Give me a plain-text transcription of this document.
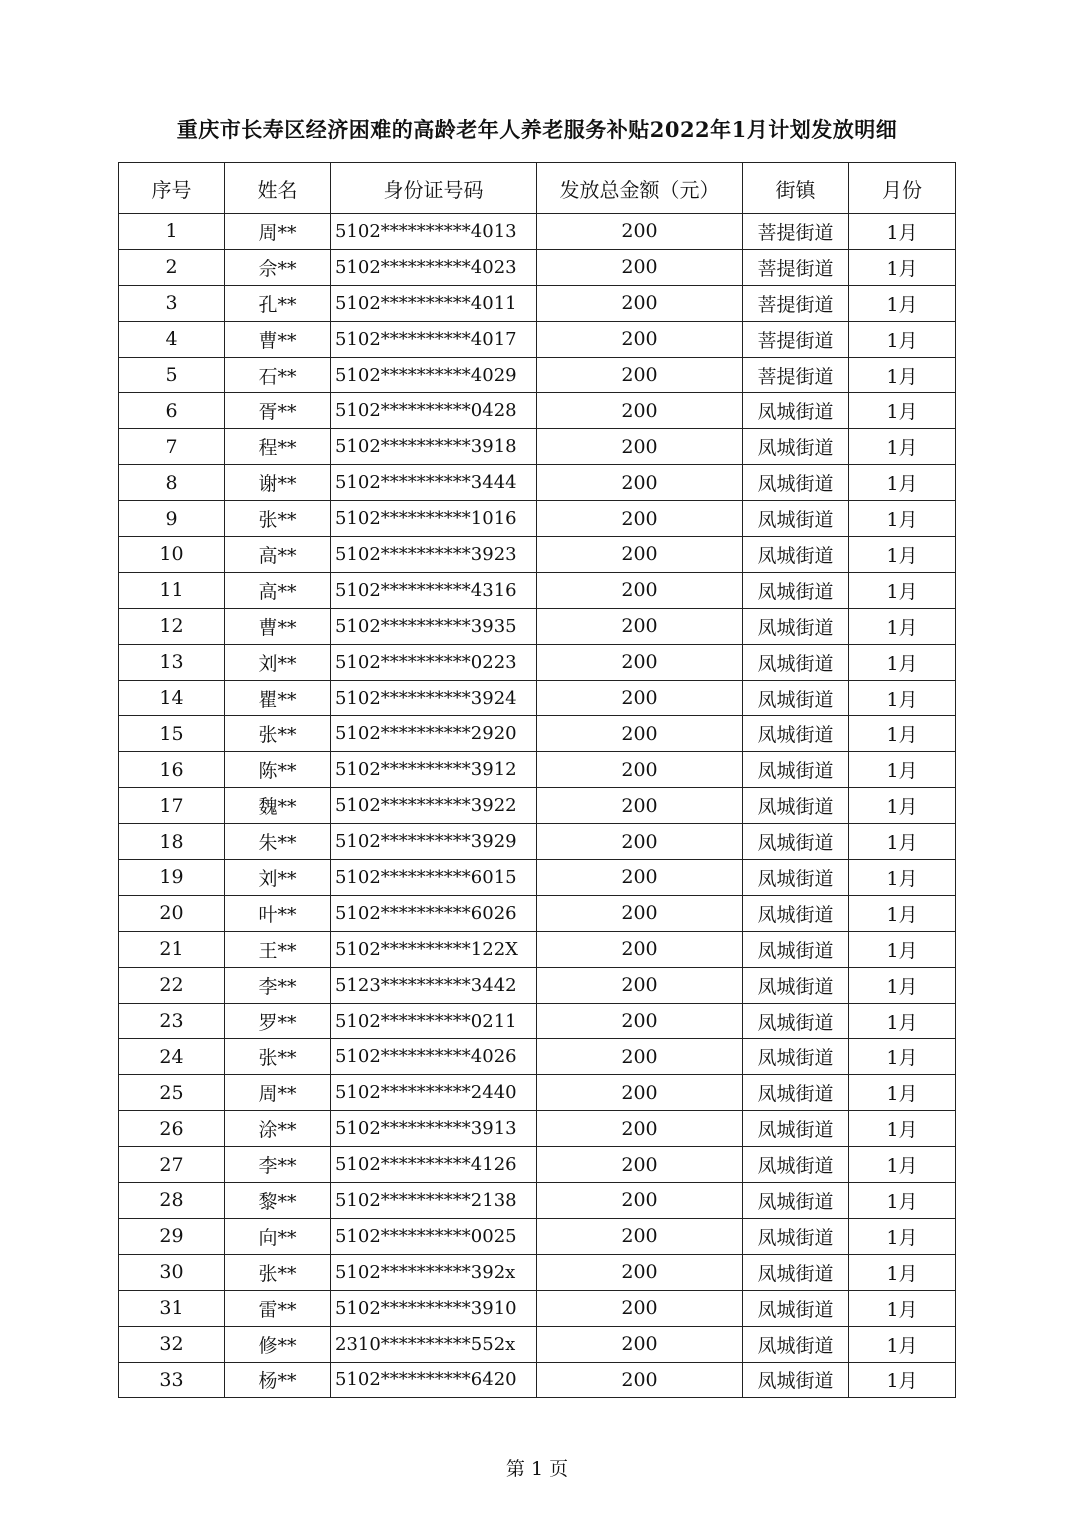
重庆市长寿区经济困难的高龄老年人养老服务补贴2022年1月计划发放明细
序号	姓名	身份证号码	发放总金额（元）	街镇	月份
1	周**	5102**********4013	200	菩提街道	1月
2	佘**	5102**********4023	200	菩提街道	1月
3	孔**	5102**********4011	200	菩提街道	1月
4	曹**	5102**********4017	200	菩提街道	1月
5	石**	5102**********4029	200	菩提街道	1月
6	胥**	5102**********0428	200	凤城街道	1月
7	程**	5102**********3918	200	凤城街道	1月
8	谢**	5102**********3444	200	凤城街道	1月
9	张**	5102**********1016	200	凤城街道	1月
10	高**	5102**********3923	200	凤城街道	1月
11	高**	5102**********4316	200	凤城街道	1月
12	曹**	5102**********3935	200	凤城街道	1月
13	刘**	5102**********0223	200	凤城街道	1月
14	瞿**	5102**********3924	200	凤城街道	1月
15	张**	5102**********2920	200	凤城街道	1月
16	陈**	5102**********3912	200	凤城街道	1月
17	魏**	5102**********3922	200	凤城街道	1月
18	朱**	5102**********3929	200	凤城街道	1月
19	刘**	5102**********6015	200	凤城街道	1月
20	叶**	5102**********6026	200	凤城街道	1月
21	王**	5102**********122X	200	凤城街道	1月
22	李**	5123**********3442	200	凤城街道	1月
23	罗**	5102**********0211	200	凤城街道	1月
24	张**	5102**********4026	200	凤城街道	1月
25	周**	5102**********2440	200	凤城街道	1月
26	涂**	5102**********3913	200	凤城街道	1月
27	李**	5102**********4126	200	凤城街道	1月
28	黎**	5102**********2138	200	凤城街道	1月
29	向**	5102**********0025	200	凤城街道	1月
30	张**	5102**********392x	200	凤城街道	1月
31	雷**	5102**********3910	200	凤城街道	1月
32	修**	2310**********552x	200	凤城街道	1月
33	杨**	5102**********6420	200	凤城街道	1月
第 1 页
